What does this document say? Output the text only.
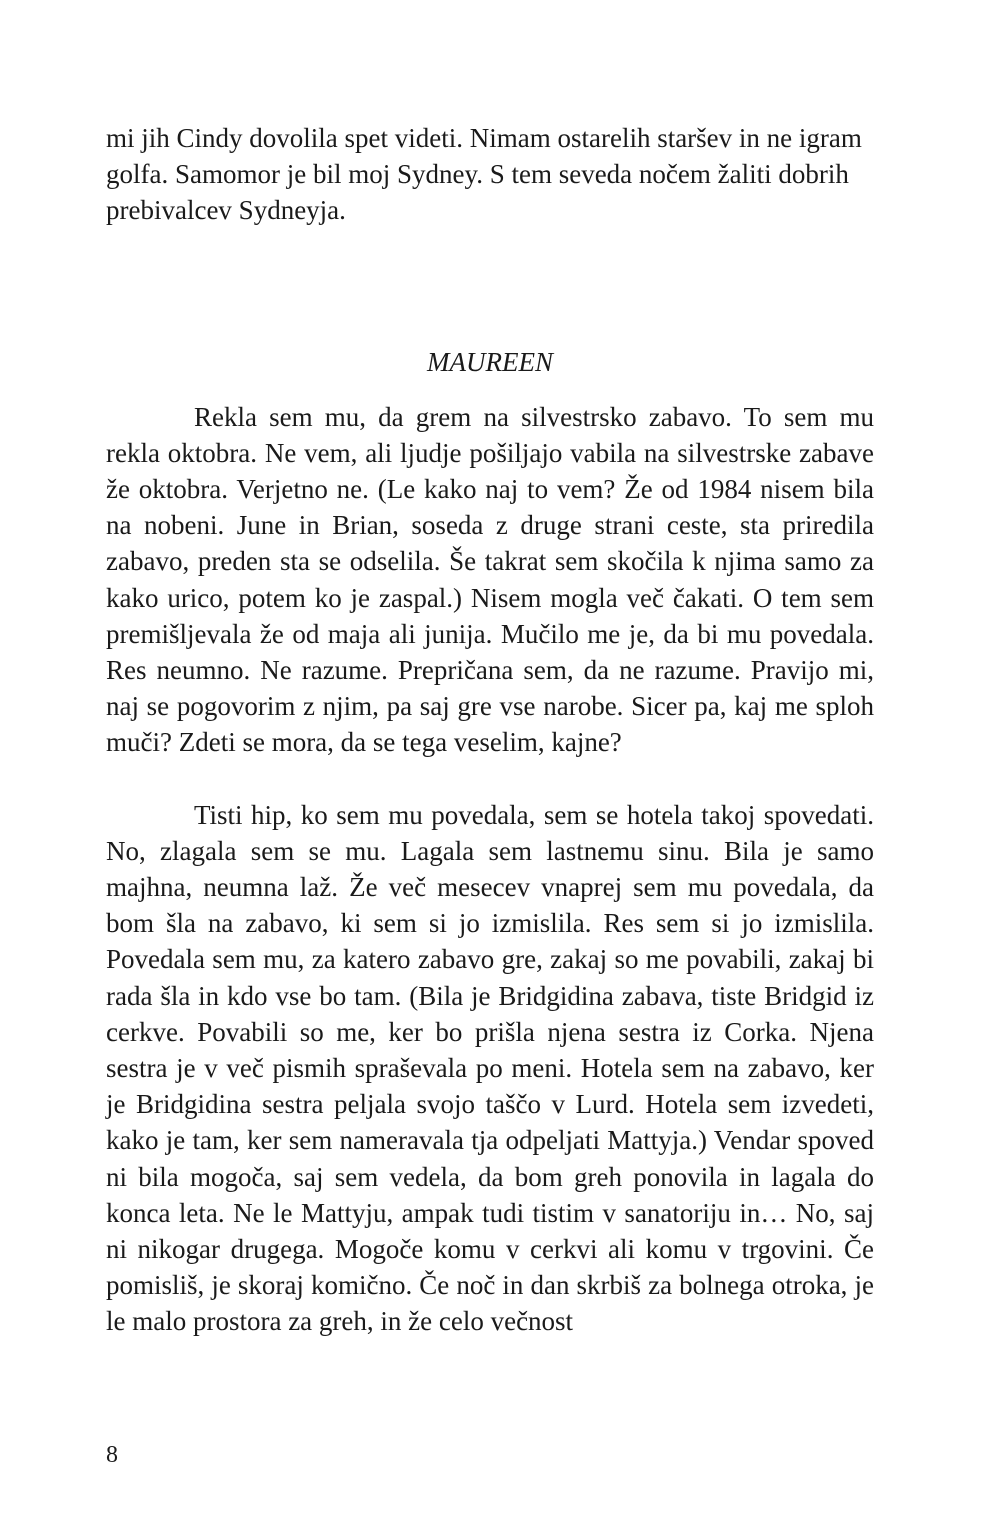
mi jih Cindy dovolila spet videti. Nimam ostarelih staršev in ne igram golfa. Samomor je bil moj Sydney. S tem seveda nočem žaliti dobrih prebivalcev Sydneyja.

MAUREEN

Rekla sem mu, da grem na silvestrsko zabavo. To sem mu rekla oktobra. Ne vem, ali ljudje pošiljajo vabila na silvestrske zabave že oktobra. Verjetno ne. (Le kako naj to vem? Že od 1984 nisem bila na nobeni. June in Brian, soseda z druge strani ceste, sta priredila zabavo, preden sta se odselila. Še takrat sem skočila k njima samo za kako urico, potem ko je zaspal.) Nisem mogla več čakati. O tem sem premišljevala že od maja ali junija. Mučilo me je, da bi mu povedala. Res neumno. Ne razume. Prepričana sem, da ne razume. Pravijo mi, naj se pogovorim z njim, pa saj gre vse narobe. Sicer pa, kaj me sploh muči? Zdeti se mora, da se tega veselim, kajne?

Tisti hip, ko sem mu povedala, sem se hotela takoj spovedati. No, zlagala sem se mu. Lagala sem lastnemu sinu. Bila je samo majhna, neumna laž. Že več mesecev vnaprej sem mu povedala, da bom šla na zabavo, ki sem si jo izmislila. Res sem si jo izmislila. Povedala sem mu, za katero zabavo gre, zakaj so me povabili, zakaj bi rada šla in kdo vse bo tam. (Bila je Bridgidina zabava, tiste Bridgid iz cerkve. Povabili so me, ker bo prišla njena sestra iz Corka. Njena sestra je v več pismih spraševala po meni. Hotela sem na zabavo, ker je Bridgidina sestra peljala svojo taščo v Lurd. Hotela sem izvedeti, kako je tam, ker sem nameravala tja odpeljati Mattyja.) Vendar spoved ni bila mogoča, saj sem vedela, da bom greh ponovila in lagala do konca leta. Ne le Mattyju, ampak tudi tistim v sanatoriju in… No, saj ni nikogar drugega. Mogoče komu v cerkvi ali komu v trgovini. Če pomisliš, je skoraj komično. Če noč in dan skrbiš za bolnega otroka, je le malo prostora za greh, in že celo večnost

8
